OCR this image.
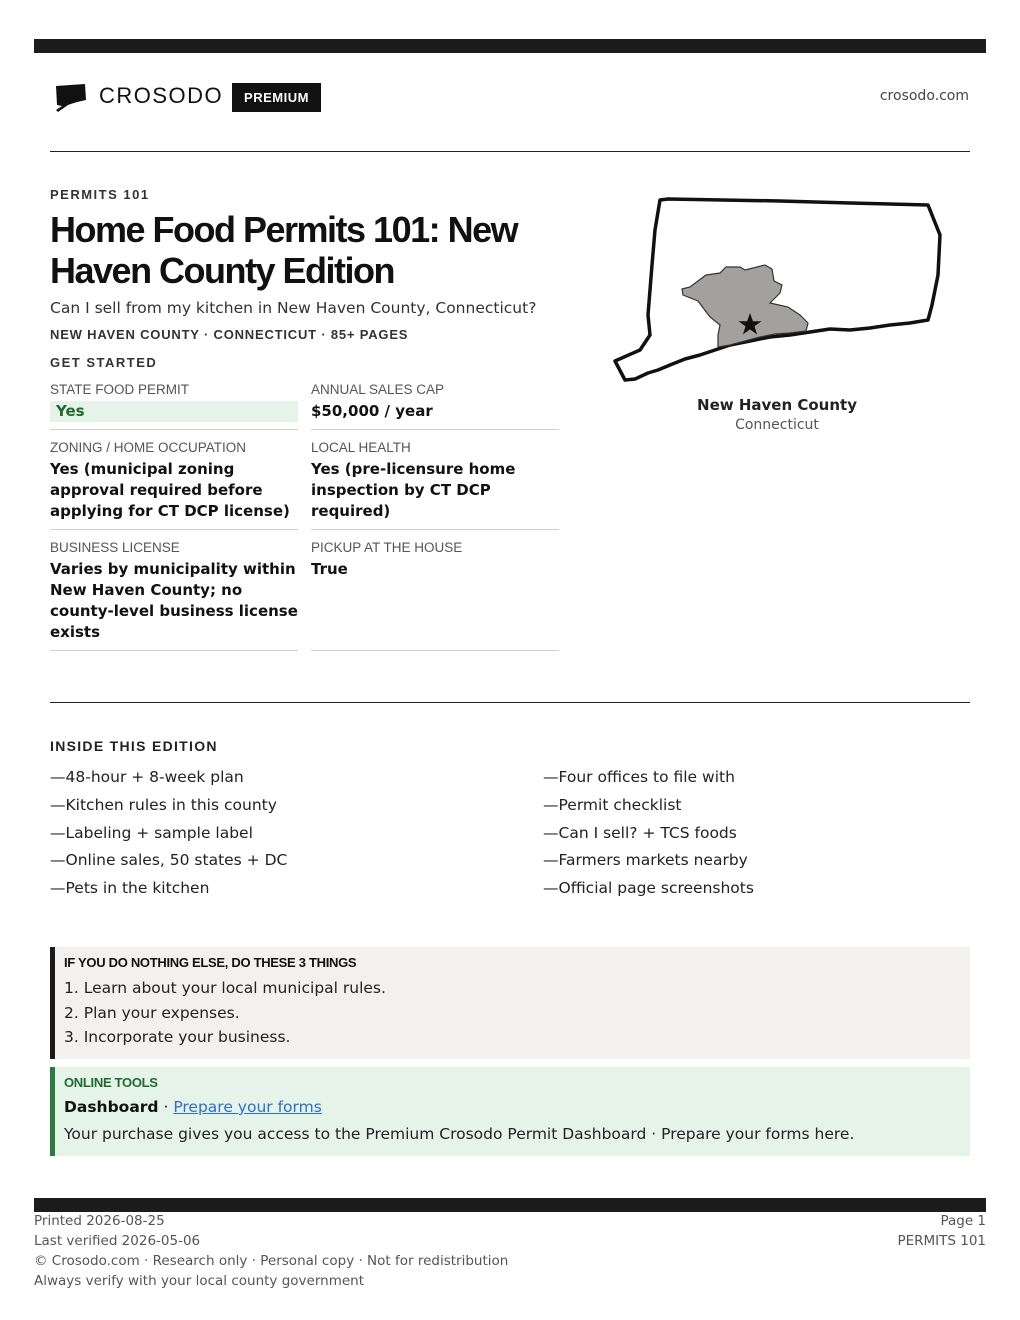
CROSODO	PREMIUM	crosodo.com
PERMITS 101
Home Food Permits 101: New Haven County Edition
Can I sell from my kitchen in New Haven County, Connecticut?
NEW HAVEN COUNTY · CONNECTICUT · 85+ PAGES
GET STARTED
STATE FOOD PERMIT
Yes
ANNUAL SALES CAP
$50,000 / year
ZONING / HOME OCCUPATION
Yes (municipal zoning approval required before applying for CT DCP license)
LOCAL HEALTH
Yes (pre-licensure home inspection by CT DCP required)
BUSINESS LICENSE
Varies by municipality within New Haven County; no county-level business license exists
PICKUP AT THE HOUSE
True
New Haven County
Connecticut
INSIDE THIS EDITION
—48-hour + 8-week plan
—Kitchen rules in this county
—Labeling + sample label
—Online sales, 50 states + DC
—Pets in the kitchen
—Four offices to file with
—Permit checklist
—Can I sell? + TCS foods
—Farmers markets nearby
—Official page screenshots
IF YOU DO NOTHING ELSE, DO THESE 3 THINGS
1. Learn about your local municipal rules.
2. Plan your expenses.
3. Incorporate your business.
ONLINE TOOLS
Dashboard · Prepare your forms
Your purchase gives you access to the Premium Crosodo Permit Dashboard · Prepare your forms here.
Printed 2026-08-25
Last verified 2026-05-06
© Crosodo.com · Research only · Personal copy · Not for redistribution
Always verify with your local county government
Page 1
PERMITS 101
